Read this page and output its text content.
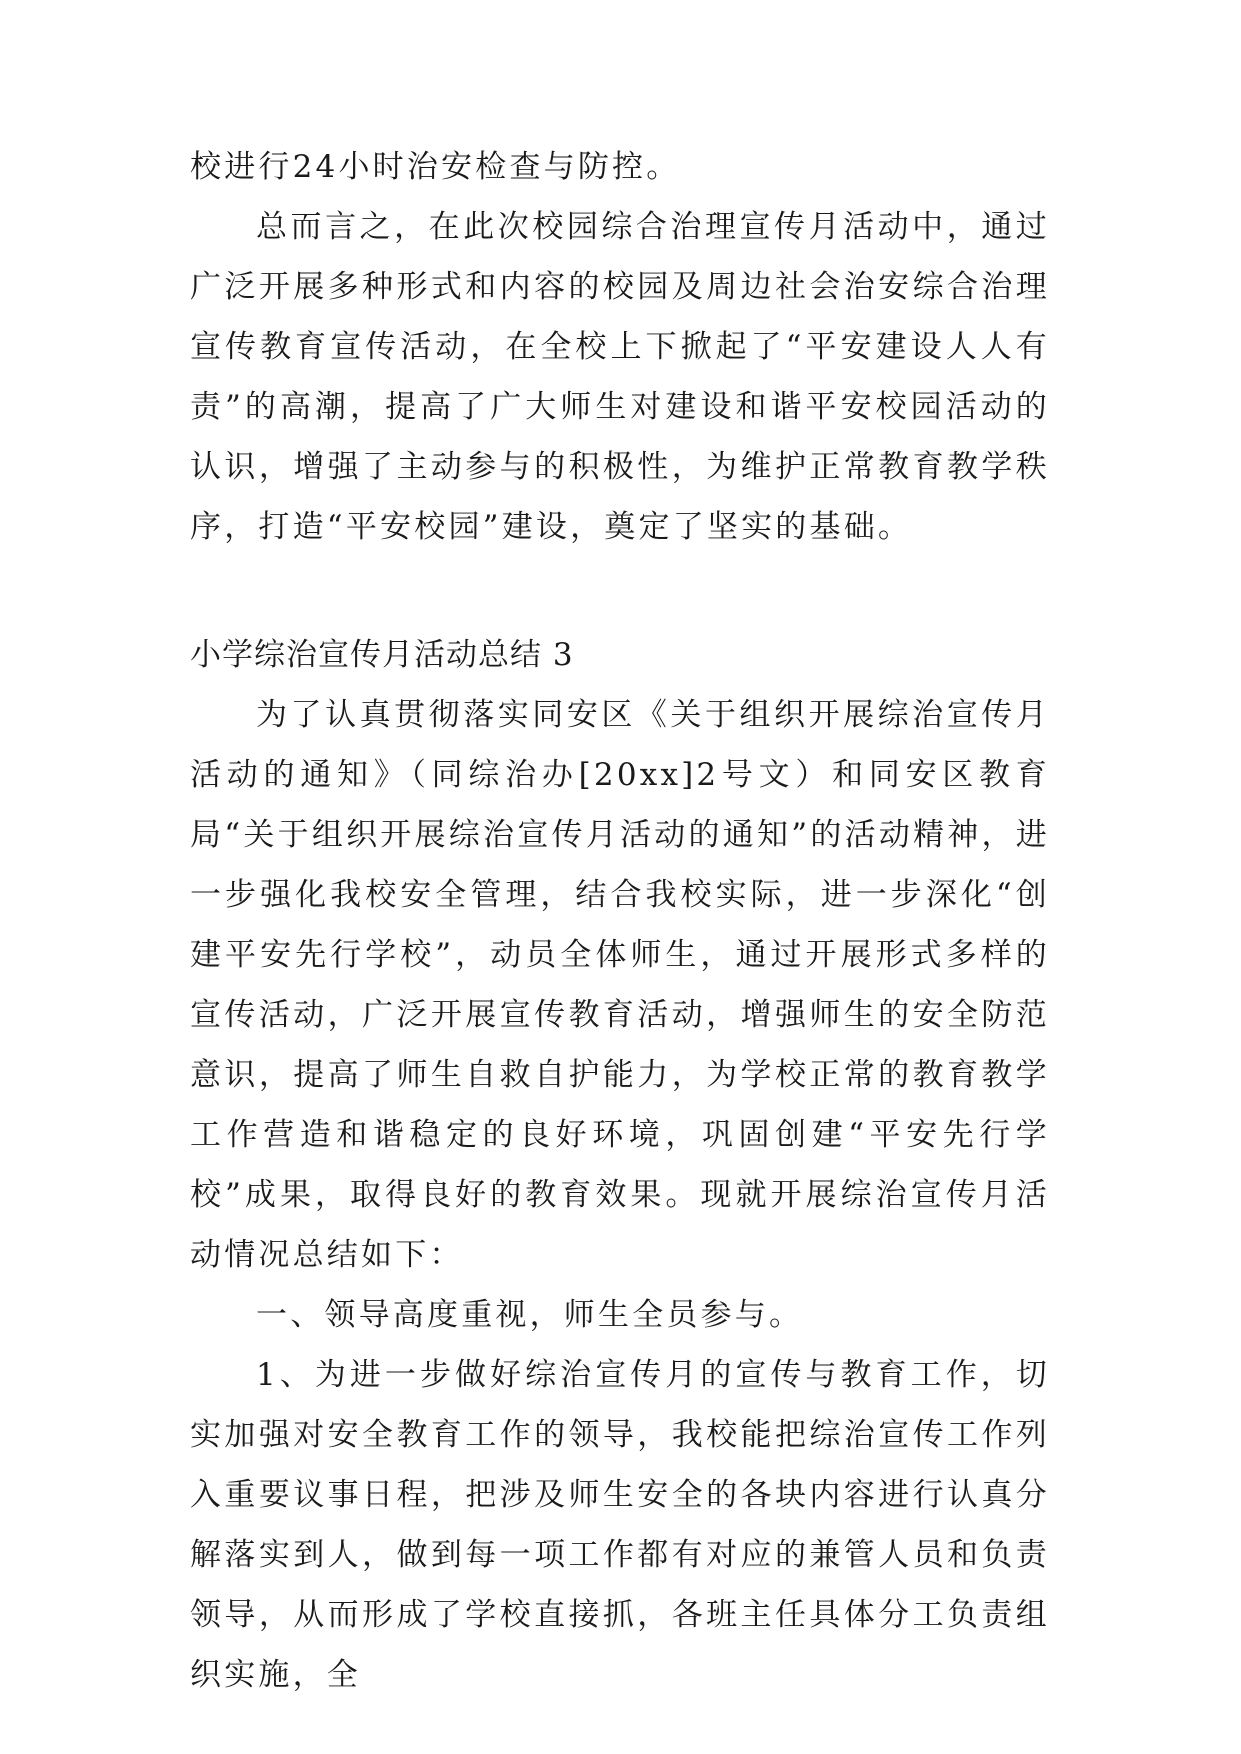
校进行24小时治安检查与防控。

总而言之，在此次校园综合治理宣传月活动中，通过广泛开展多种形式和内容的校园及周边社会治安综合治理宣传教育宣传活动，在全校上下掀起了“平安建设人人有责”的高潮，提高了广大师生对建设和谐平安校园活动的认识，增强了主动参与的积极性，为维护正常教育教学秩序，打造“平安校园”建设，奠定了坚实的基础。

小学综治宣传月活动总结 3

为了认真贯彻落实同安区《关于组织开展综治宣传月活动的通知》（同综治办[20xx]2号文）和同安区教育局“关于组织开展综治宣传月活动的通知”的活动精神，进一步强化我校安全管理，结合我校实际，进一步深化“创建平安先行学校”，动员全体师生，通过开展形式多样的宣传活动，广泛开展宣传教育活动，增强师生的安全防范意识，提高了师生自救自护能力，为学校正常的教育教学工作营造和谐稳定的良好环境，巩固创建“平安先行学校”成果，取得良好的教育效果。现就开展综治宣传月活动情况总结如下：

一、领导高度重视，师生全员参与。

1、为进一步做好综治宣传月的宣传与教育工作，切实加强对安全教育工作的领导，我校能把综治宣传工作列入重要议事日程，把涉及师生安全的各块内容进行认真分解落实到人，做到每一项工作都有对应的兼管人员和负责领导，从而形成了学校直接抓，各班主任具体分工负责组织实施，全
